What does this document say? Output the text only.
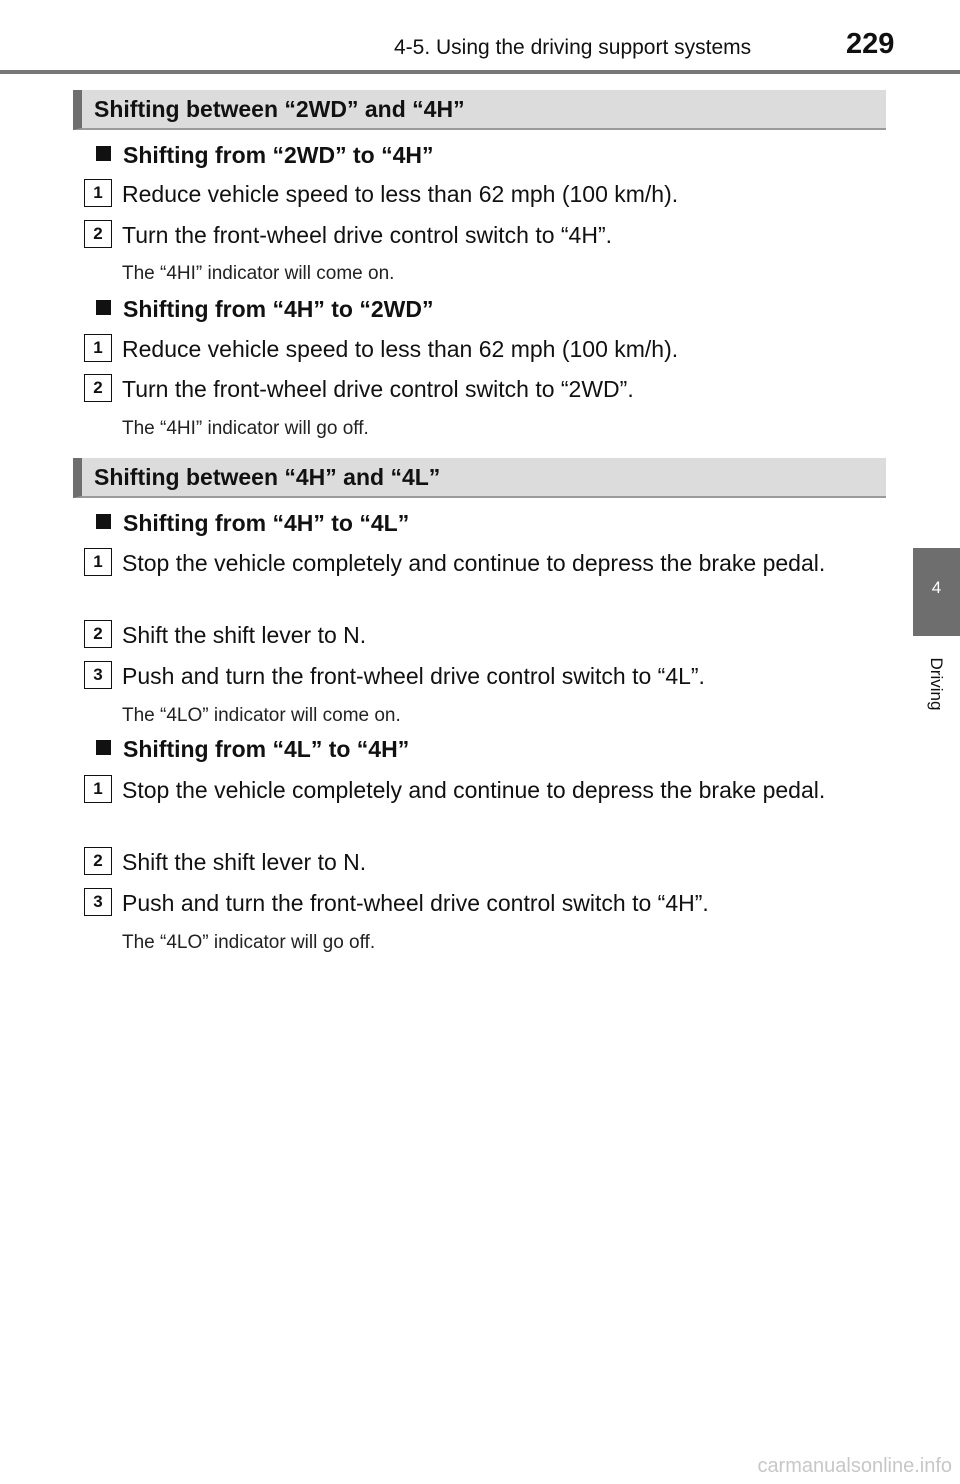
4-5. Using the driving support systems	229
4
Driving
Shifting between “2WD” and “4H”
Shifting from “2WD” to “4H”
1 Reduce vehicle speed to less than 62 mph (100 km/h).
2 Turn the front-wheel drive control switch to “4H”.
The “4HI” indicator will come on.
Shifting from “4H” to “2WD”
1 Reduce vehicle speed to less than 62 mph (100 km/h).
2 Turn the front-wheel drive control switch to “2WD”.
The “4HI” indicator will go off.
Shifting between “4H” and “4L”
Shifting from “4H” to “4L”
1 Stop the vehicle completely and continue to depress the brake pedal.
2 Shift the shift lever to N.
3 Push and turn the front-wheel drive control switch to “4L”.
The “4LO” indicator will come on.
Shifting from “4L” to “4H”
1 Stop the vehicle completely and continue to depress the brake pedal.
2 Shift the shift lever to N.
3 Push and turn the front-wheel drive control switch to “4H”.
The “4LO” indicator will go off.
carmanualsonline.info
